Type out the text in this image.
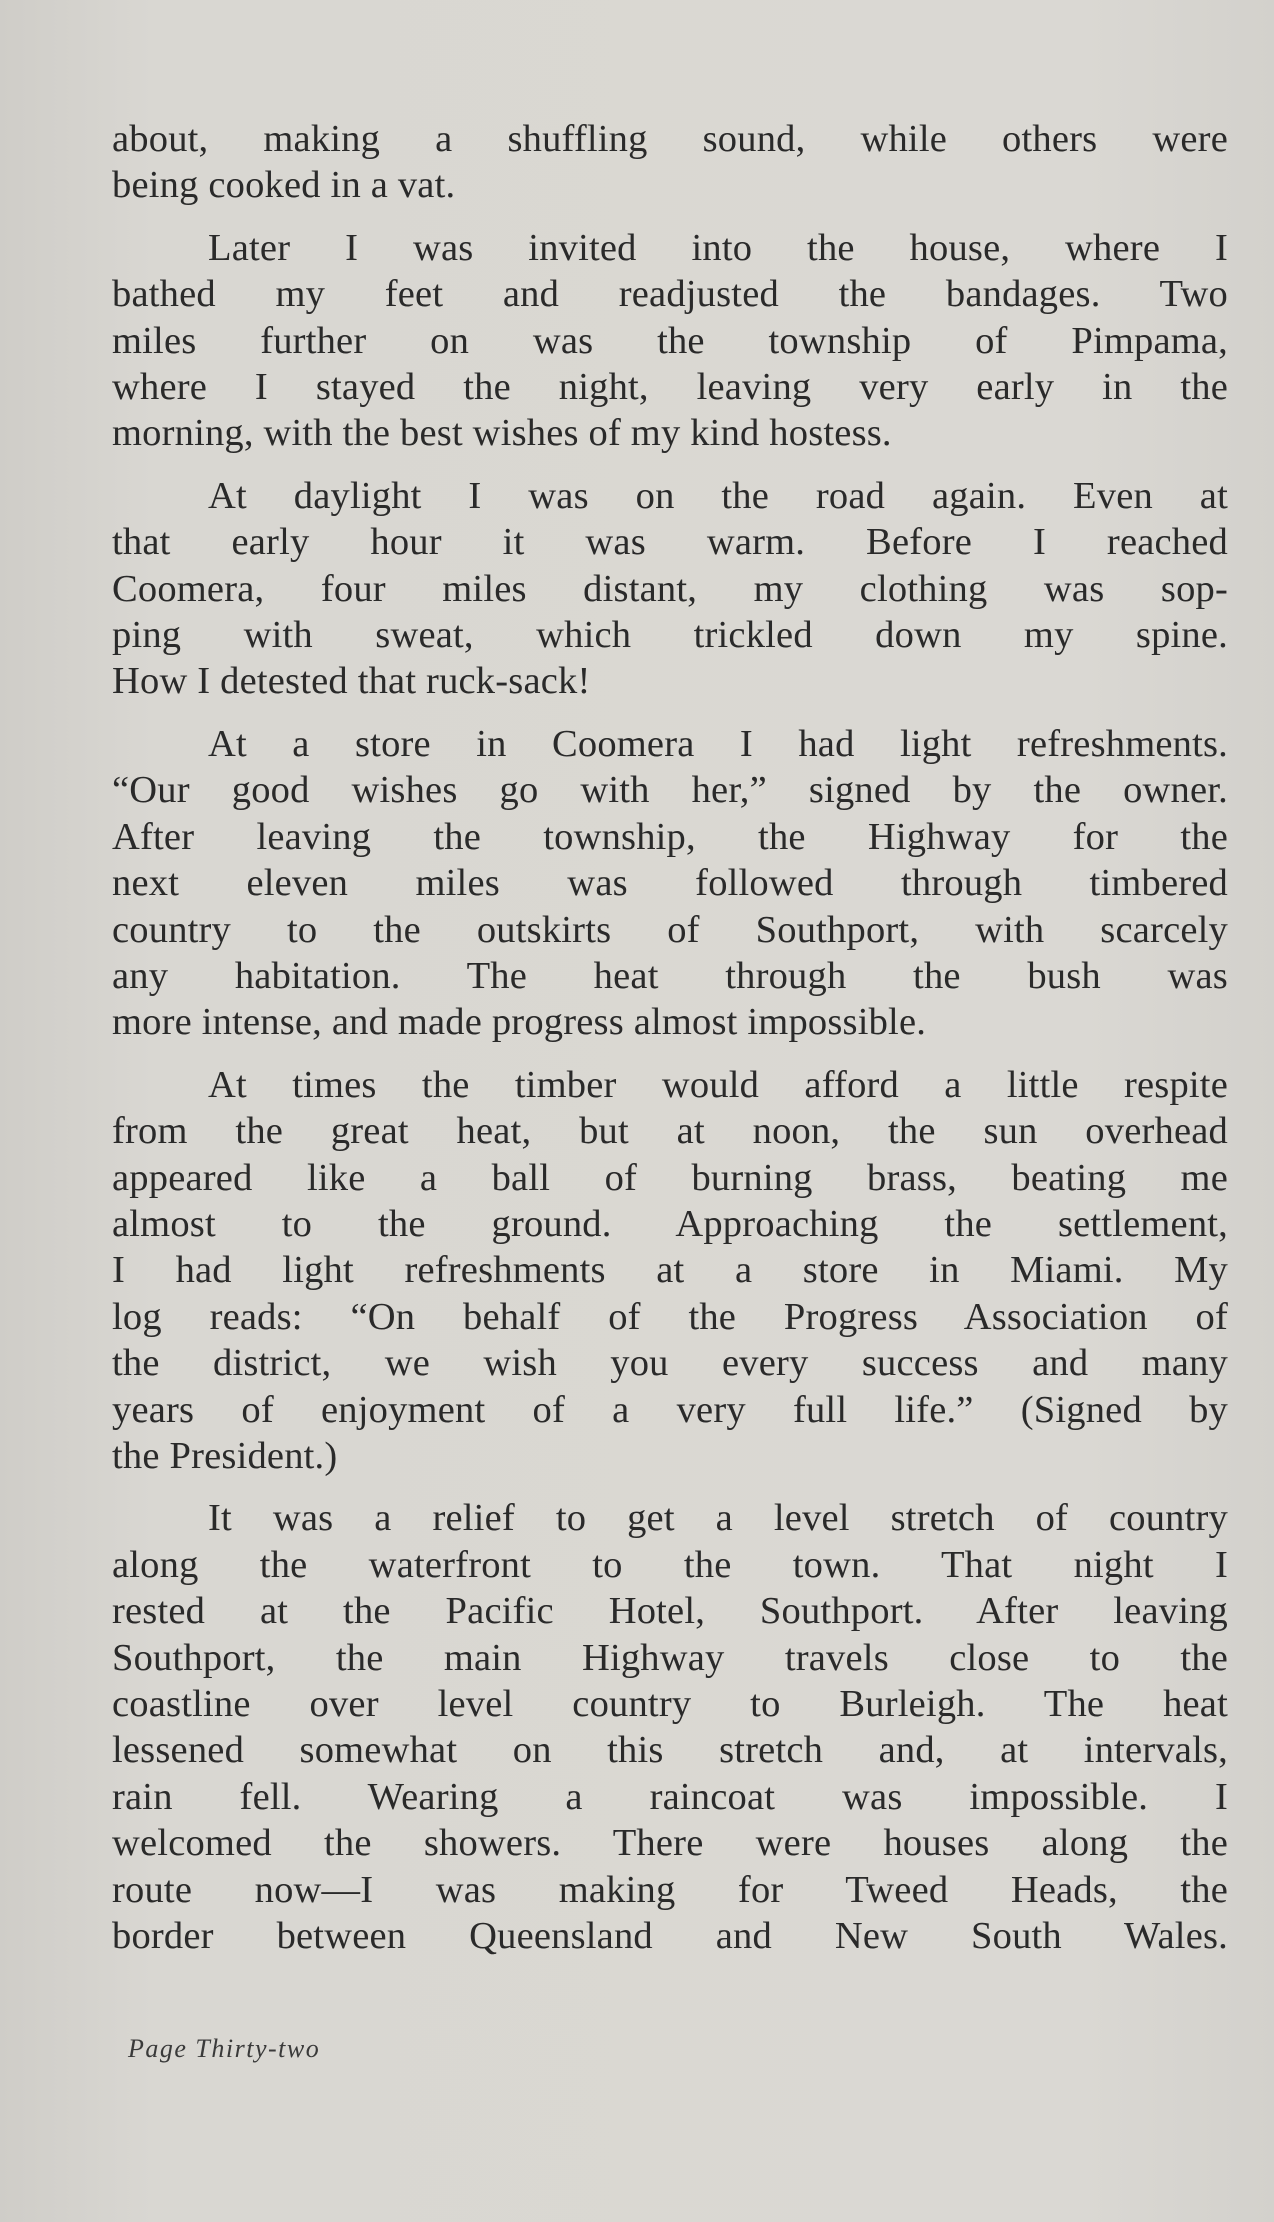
about, making a shuffling sound, while others were
being cooked in a vat.

Later I was invited into the house, where I
bathed my feet and readjusted the bandages. Two
miles further on was the township of Pimpama,
where I stayed the night, leaving very early in the
morning, with the best wishes of my kind hostess.

At daylight I was on the road again. Even at
that early hour it was warm. Before I reached
Coomera, four miles distant, my clothing was sop-
ping with sweat, which trickled down my spine.
How I detested that ruck-sack!

At a store in Coomera I had light refreshments.
“Our good wishes go with her,” signed by the owner.
After leaving the township, the Highway for the
next eleven miles was followed through timbered
country to the outskirts of Southport, with scarcely
any habitation. The heat through the bush was
more intense, and made progress almost impossible.

At times the timber would afford a little respite
from the great heat, but at noon, the sun overhead
appeared like a ball of burning brass, beating me
almost to the ground. Approaching the settlement,
I had light refreshments at a store in Miami. My
log reads: “On behalf of the Progress Association of
the district, we wish you every success and many
years of enjoyment of a very full life.” (Signed by
the President.)

It was a relief to get a level stretch of country
along the waterfront to the town. That night I
rested at the Pacific Hotel, Southport. After leaving
Southport, the main Highway travels close to the
coastline over level country to Burleigh. The heat
lessened somewhat on this stretch and, at intervals,
rain fell. Wearing a raincoat was impossible. I
welcomed the showers. There were houses along the
route now—I was making for Tweed Heads, the
border between Queensland and New South Wales.

Page Thirty-two
